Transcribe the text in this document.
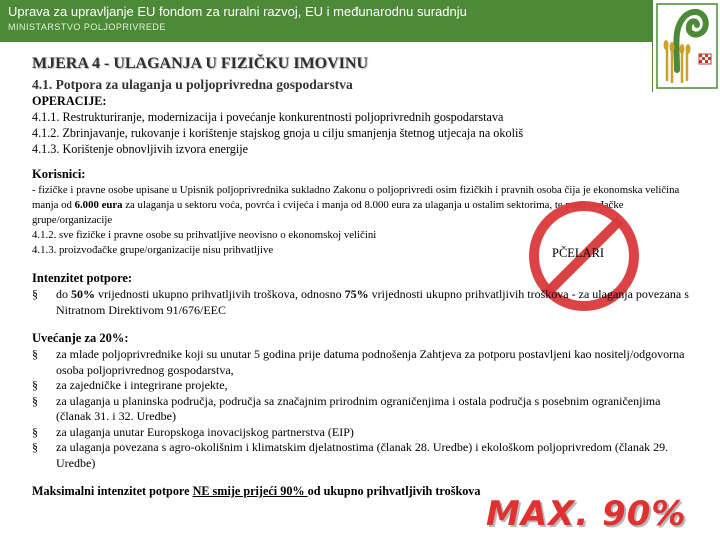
Uprava za upravljanje EU fondom za ruralni razvoj, EU i međunarodnu suradnju
MINISTARSTVO POLJOPRIVREDE
MJERA 4 - ULAGANJA U FIZIČKU IMOVINU
4.1. Potpora za ulaganja u poljoprivredna gospodarstva
OPERACIJE:
4.1.1. Restrukturiranje, modernizacija i povećanje konkurentnosti poljoprivrednih gospodarstava
4.1.2. Zbrinjavanje, rukovanje i korištenje stajskog gnoja u cilju smanjenja štetnog utjecaja na okoliš
4.1.3. Korištenje obnovljivih izvora energije
Korisnici:
- fizičke i pravne osobe upisane u Upisnik poljoprivrednika sukladno Zakonu o poljoprivredi osim fizičkih i pravnih osoba čija je ekonomska veličina manja od 6.000 eura za ulaganja u sektoru voća, povrća i cvijeća i manja od 8.000 eura za ulaganja u ostalim sektorima, te proizvođačke grupe/organizacije
4.1.2. sve fizičke i pravne osobe su prihvatljive neovisno o ekonomskoj veličini
4.1.3. proizvođačke grupe/organizacije nisu prihvatljive	PČELARI
Intenzitet potpore:
§ do 50% vrijednosti ukupno prihvatljivih troškova, odnosno 75% vrijednosti ukupno prihvatljivih troškova - za ulaganja povezana s Nitratnom Direktivom 91/676/EEC
Uvećanje za 20%:
§ za mlade poljoprivrednike koji su unutar 5 godina prije datuma podnošenja Zahtjeva za potporu postavljeni kao nositelj/odgovorna osoba poljoprivrednog gospodarstva,
§ za zajedničke i integrirane projekte,
§ za ulaganja u planinska područja, područja sa značajnim prirodnim ograničenjima i ostala područja s posebnim ograničenjima (članak 31. i 32. Uredbe)
§ za ulaganja unutar Europskoga inovacijskog partnerstva (EIP)
§ za ulaganja povezana s agro-okolišnim i klimatskim djelatnostima (članak 28. Uredbe) i ekološkom poljoprivredom (članak 29. Uredbe)
Maksimalni intenzitet potpore NE smije prijeći 90% od ukupno prihvatljivih troškova
MAX. 90%
